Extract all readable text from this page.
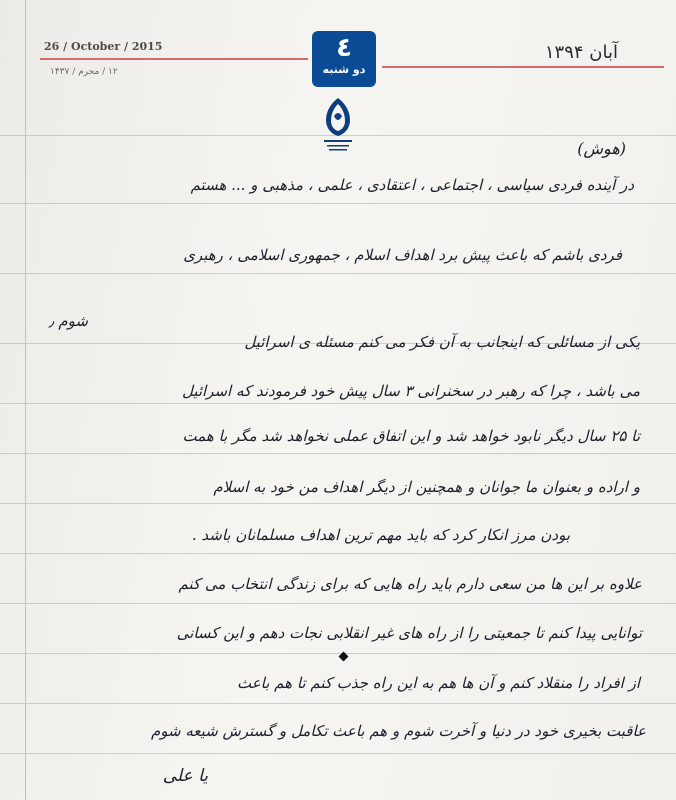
26 / October / 2015
۱۲ / محرم / ۱۴۳۷
آبان ۱۳۹۴
٤
دو شنبه
(هوش)
در آینده فردی سیاسی ، اجتماعی ، اعتقادی ، علمی ، مذهبی و ... هستم
فردی باشم که باعث پیش برد اهداف اسلام ، جمهوری اسلامی ، رهبری
شوم ٫
یکی از مسائلی که اینجانب به آن فکر می کنم مسئله ی اسرائیل
می باشد ، چرا که رهبر در سخنرانی ۳ سال پیش خود فرمودند که اسرائیل
تا ۲۵ سال دیگر نابود خواهد شد و این اتفاق عملی نخواهد شد مگر با همت
و اراده و بعنوان ما جوانان و همچنین از دیگر اهداف من خود به اسلام
بودن مرز انکار کرد که باید مهم ترین اهداف مسلمانان باشد .
علاوه بر این ها من سعی دارم باید راه هایی که برای زندگی انتخاب می کنم
توانایی پیدا کنم تا جمعیتی را از راه های غیر انقلابی نجات دهم و این کسانی
از افراد را منقلاد کنم و آن ها هم به این راه جذب کنم تا هم باعث
عاقبت بخیری خود در دنیا و آخرت شوم و هم باعث تکامل و گسترش شیعه شوم
یا علی
